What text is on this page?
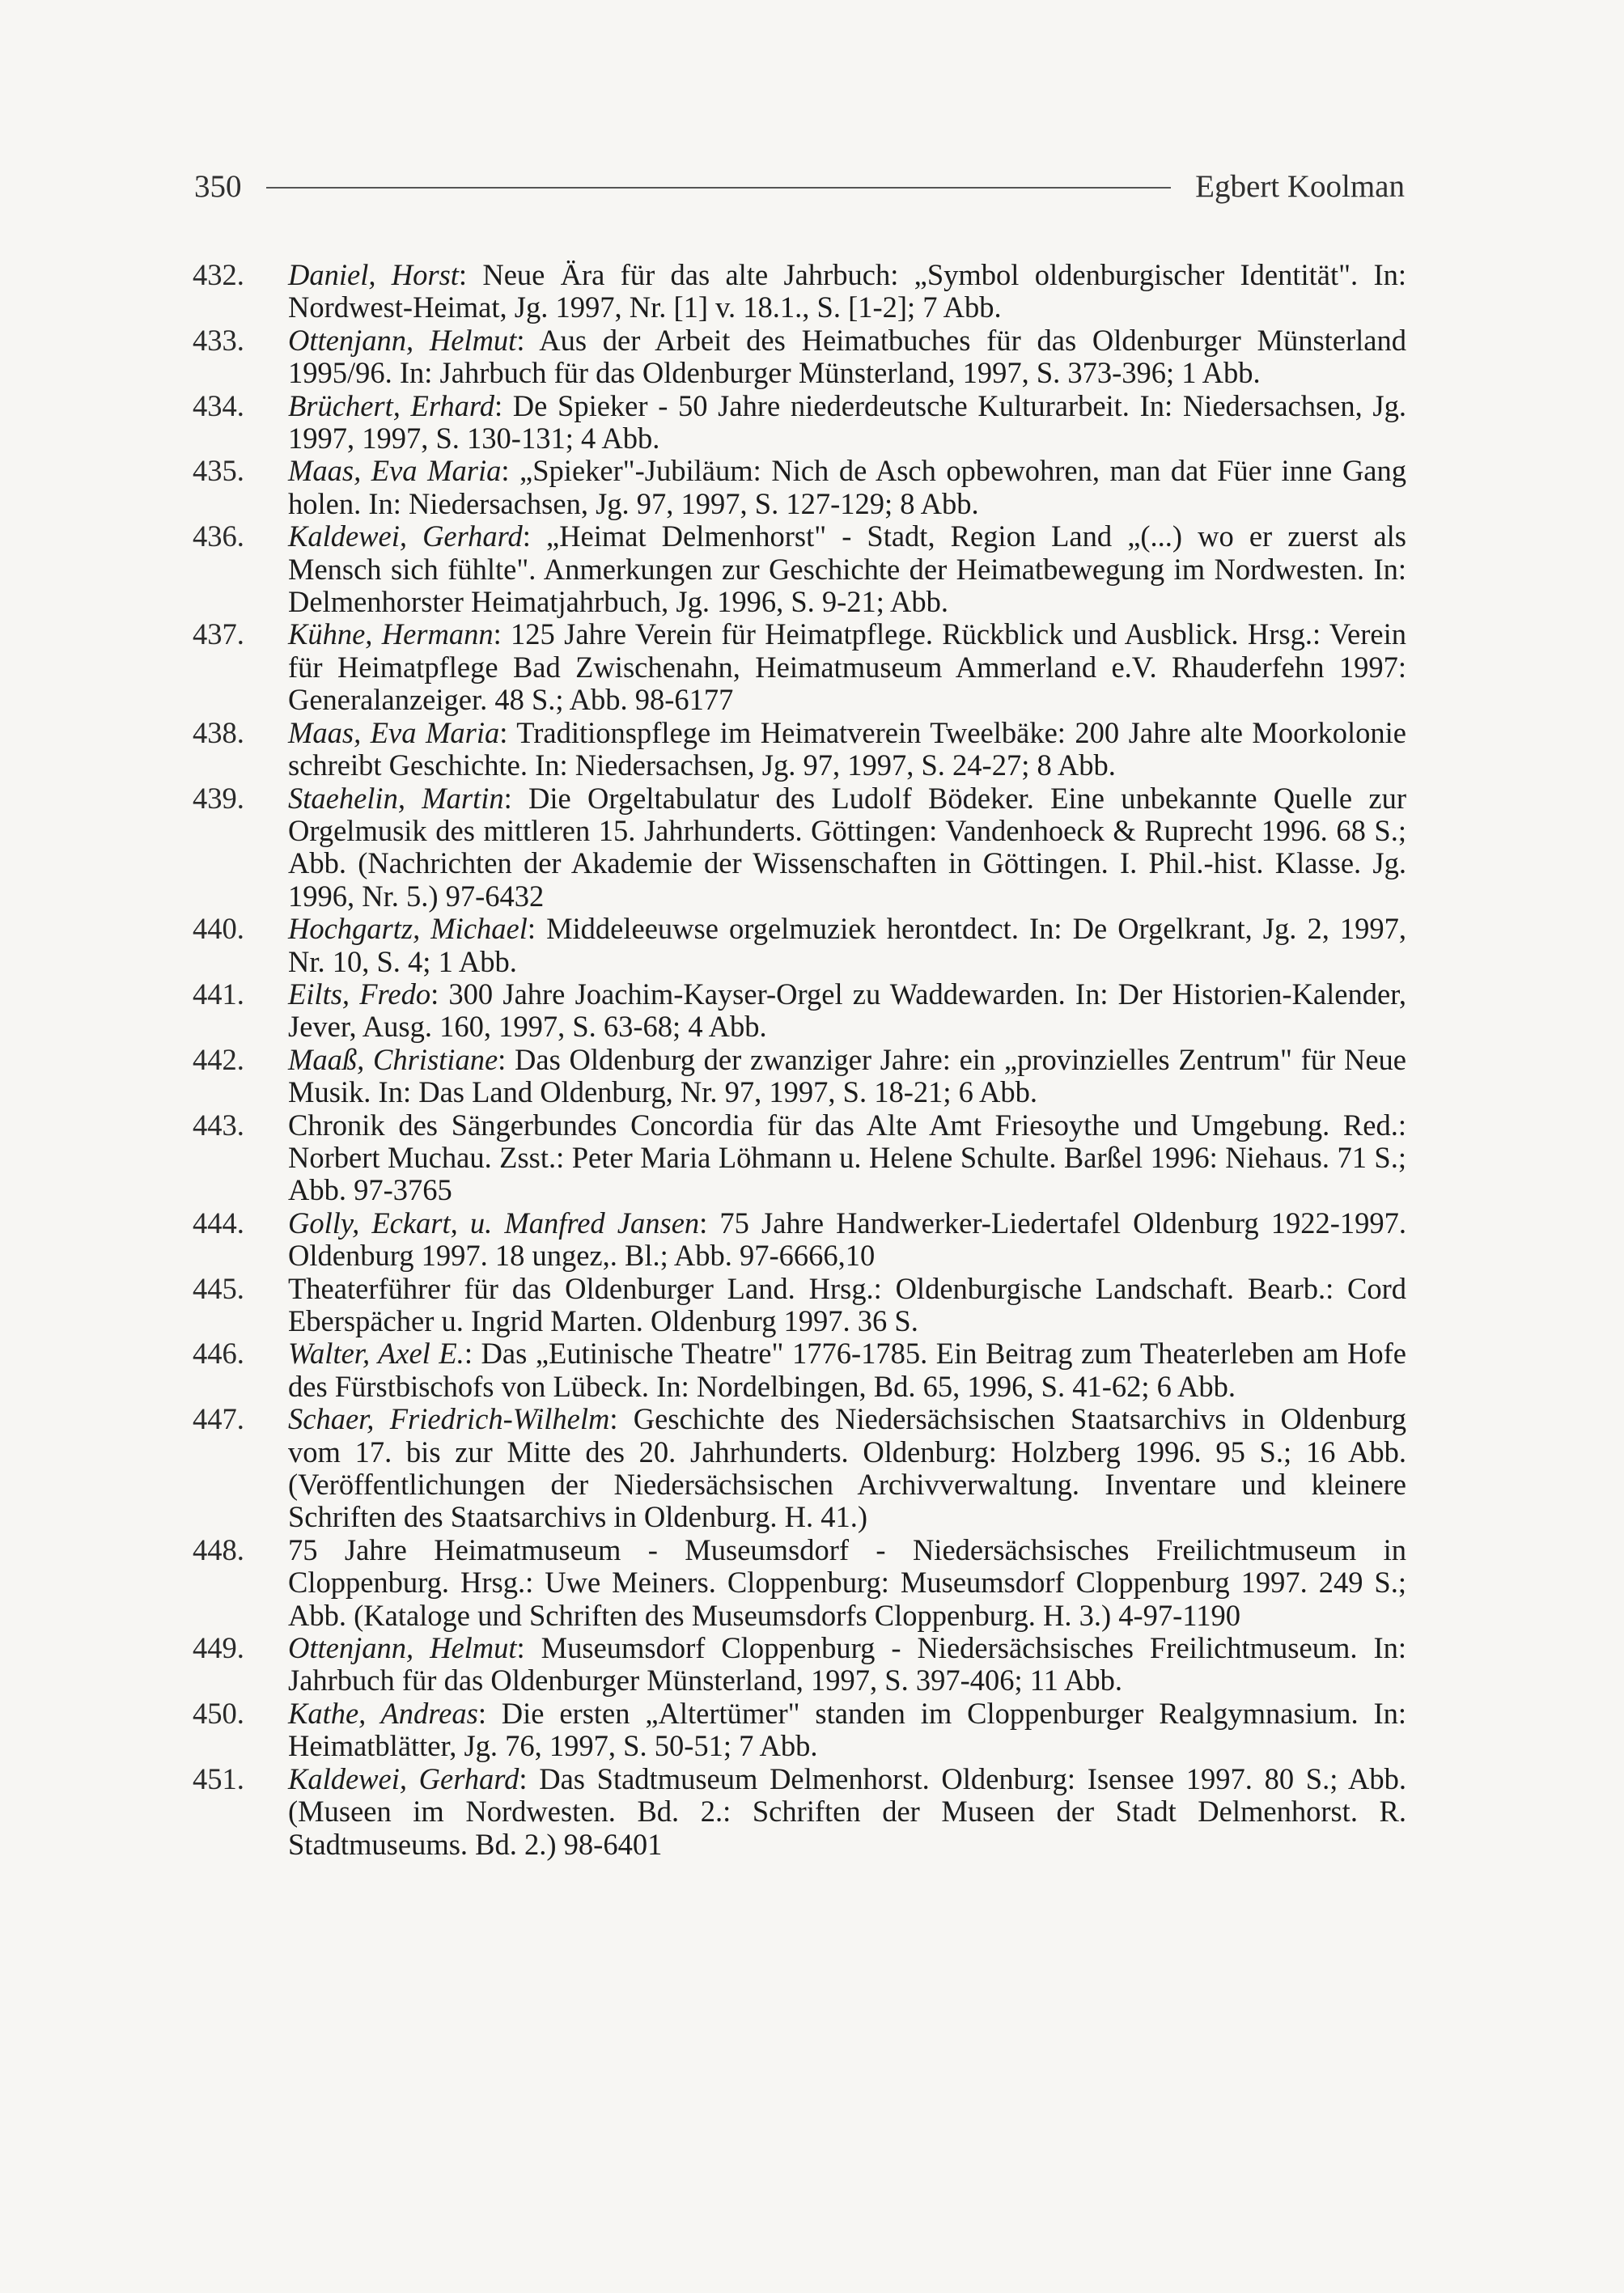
350	Egbert Koolman
432.	Daniel, Horst: Neue Ära für das alte Jahrbuch: „Symbol oldenburgischer Identität". In: Nordwest-Heimat, Jg. 1997, Nr. [1] v. 18.1., S. [1-2]; 7 Abb.
433.	Ottenjann, Helmut: Aus der Arbeit des Heimatbuches für das Oldenburger Münsterland 1995/96. In: Jahrbuch für das Oldenburger Münsterland, 1997, S. 373-396; 1 Abb.
434.	Brüchert, Erhard: De Spieker - 50 Jahre niederdeutsche Kulturarbeit. In: Niedersachsen, Jg. 1997, 1997, S. 130-131; 4 Abb.
435.	Maas, Eva Maria: „Spieker"-Jubiläum: Nich de Asch opbewohren, man dat Füer inne Gang holen. In: Niedersachsen, Jg. 97, 1997, S. 127-129; 8 Abb.
436.	Kaldewei, Gerhard: „Heimat Delmenhorst" - Stadt, Region Land „(...) wo er zuerst als Mensch sich fühlte". Anmerkungen zur Geschichte der Heimatbewegung im Nordwesten. In: Delmenhorster Heimatjahrbuch, Jg. 1996, S. 9-21; Abb.
437.	Kühne, Hermann: 125 Jahre Verein für Heimatpflege. Rückblick und Ausblick. Hrsg.: Verein für Heimatpflege Bad Zwischenahn, Heimatmuseum Ammerland e.V. Rhauderfehn 1997: Generalanzeiger. 48 S.; Abb. 98-6177
438.	Maas, Eva Maria: Traditionspflege im Heimatverein Tweelbäke: 200 Jahre alte Moorkolonie schreibt Geschichte. In: Niedersachsen, Jg. 97, 1997, S. 24-27; 8 Abb.
439.	Staehelin, Martin: Die Orgeltabulatur des Ludolf Bödeker. Eine unbekannte Quelle zur Orgelmusik des mittleren 15. Jahrhunderts. Göttingen: Vandenhoeck & Ruprecht 1996. 68 S.; Abb. (Nachrichten der Akademie der Wissenschaften in Göttingen. I. Phil.-hist. Klasse. Jg. 1996, Nr. 5.) 97-6432
440.	Hochgartz, Michael: Middeleeuwse orgelmuziek herontdect. In: De Orgelkrant, Jg. 2, 1997, Nr. 10, S. 4; 1 Abb.
441.	Eilts, Fredo: 300 Jahre Joachim-Kayser-Orgel zu Waddewarden. In: Der Historien-Kalender, Jever, Ausg. 160, 1997, S. 63-68; 4 Abb.
442.	Maaß, Christiane: Das Oldenburg der zwanziger Jahre: ein „provinzielles Zentrum" für Neue Musik. In: Das Land Oldenburg, Nr. 97, 1997, S. 18-21; 6 Abb.
443.	Chronik des Sängerbundes Concordia für das Alte Amt Friesoythe und Umgebung. Red.: Norbert Muchau. Zsst.: Peter Maria Löhmann u. Helene Schulte. Barßel 1996: Niehaus. 71 S.; Abb. 97-3765
444.	Golly, Eckart, u. Manfred Jansen: 75 Jahre Handwerker-Liedertafel Oldenburg 1922-1997. Oldenburg 1997. 18 ungez,. Bl.; Abb. 97-6666,10
445.	Theaterführer für das Oldenburger Land. Hrsg.: Oldenburgische Landschaft. Bearb.: Cord Eberspächer u. Ingrid Marten. Oldenburg 1997. 36 S.
446.	Walter, Axel E.: Das „Eutinische Theatre" 1776-1785. Ein Beitrag zum Theaterleben am Hofe des Fürstbischofs von Lübeck. In: Nordelbingen, Bd. 65, 1996, S. 41-62; 6 Abb.
447.	Schaer, Friedrich-Wilhelm: Geschichte des Niedersächsischen Staatsarchivs in Oldenburg vom 17. bis zur Mitte des 20. Jahrhunderts. Oldenburg: Holzberg 1996. 95 S.; 16 Abb. (Veröffentlichungen der Niedersächsischen Archivverwaltung. Inventare und kleinere Schriften des Staatsarchivs in Oldenburg. H. 41.)
448.	75 Jahre Heimatmuseum - Museumsdorf - Niedersächsisches Freilichtmuseum in Cloppenburg. Hrsg.: Uwe Meiners. Cloppenburg: Museumsdorf Cloppenburg 1997. 249 S.; Abb. (Kataloge und Schriften des Museumsdorfs Cloppenburg. H. 3.) 4-97-1190
449.	Ottenjann, Helmut: Museumsdorf Cloppenburg - Niedersächsisches Freilichtmuseum. In: Jahrbuch für das Oldenburger Münsterland, 1997, S. 397-406; 11 Abb.
450.	Kathe, Andreas: Die ersten „Altertümer" standen im Cloppenburger Realgymnasium. In: Heimatblätter, Jg. 76, 1997, S. 50-51; 7 Abb.
451.	Kaldewei, Gerhard: Das Stadtmuseum Delmenhorst. Oldenburg: Isensee 1997. 80 S.; Abb. (Museen im Nordwesten. Bd. 2.: Schriften der Museen der Stadt Delmenhorst. R. Stadtmuseums. Bd. 2.) 98-6401
